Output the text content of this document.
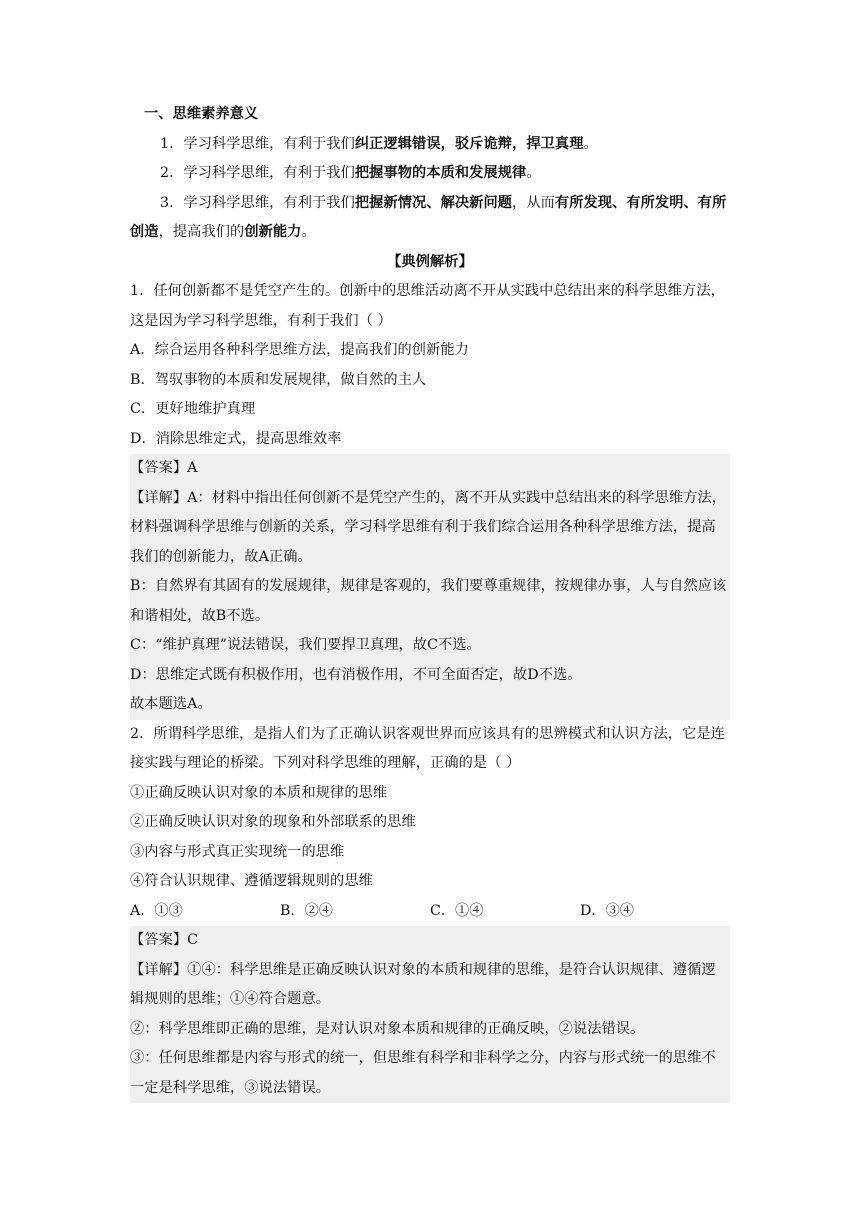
一、思维素养意义
1．学习科学思维，有利于我们纠正逻辑错误，驳斥诡辩，捍卫真理。
2．学习科学思维，有利于我们把握事物的本质和发展规律。
3．学习科学思维，有利于我们把握新情况、解决新问题，从而有所发现、有所发明、有所创造，提高我们的创新能力。
【典例解析】
1．任何创新都不是凭空产生的。创新中的思维活动离不开从实践中总结出来的科学思维方法，这是因为学习科学思维，有利于我们（ ）
A．综合运用各种科学思维方法，提高我们的创新能力
B．驾驭事物的本质和发展规律，做自然的主人
C．更好地维护真理
D．消除思维定式，提高思维效率
【答案】A
【详解】A：材料中指出任何创新不是凭空产生的，离不开从实践中总结出来的科学思维方法，材料强调科学思维与创新的关系，学习科学思维有利于我们综合运用各种科学思维方法，提高我们的创新能力，故A正确。
B：自然界有其固有的发展规律，规律是客观的，我们要尊重规律，按规律办事，人与自然应该和谐相处，故B不选。
C：“维护真理”说法错误，我们要捍卫真理，故C不选。
D：思维定式既有积极作用，也有消极作用，不可全面否定，故D不选。
故本题选A。
2．所谓科学思维，是指人们为了正确认识客观世界而应该具有的思辨模式和认识方法，它是连接实践与理论的桥梁。下列对科学思维的理解，正确的是（ ）
①正确反映认识对象的本质和规律的思维
②正确反映认识对象的现象和外部联系的思维
③内容与形式真正实现统一的思维
④符合认识规律、遵循逻辑规则的思维
A．①③	B．②④	C．①④	D．③④
【答案】C
【详解】①④：科学思维是正确反映认识对象的本质和规律的思维，是符合认识规律、遵循逻辑规则的思维；①④符合题意。
②：科学思维即正确的思维，是对认识对象本质和规律的正确反映，②说法错误。
③：任何思维都是内容与形式的统一，但思维有科学和非科学之分，内容与形式统一的思维不一定是科学思维，③说法错误。
